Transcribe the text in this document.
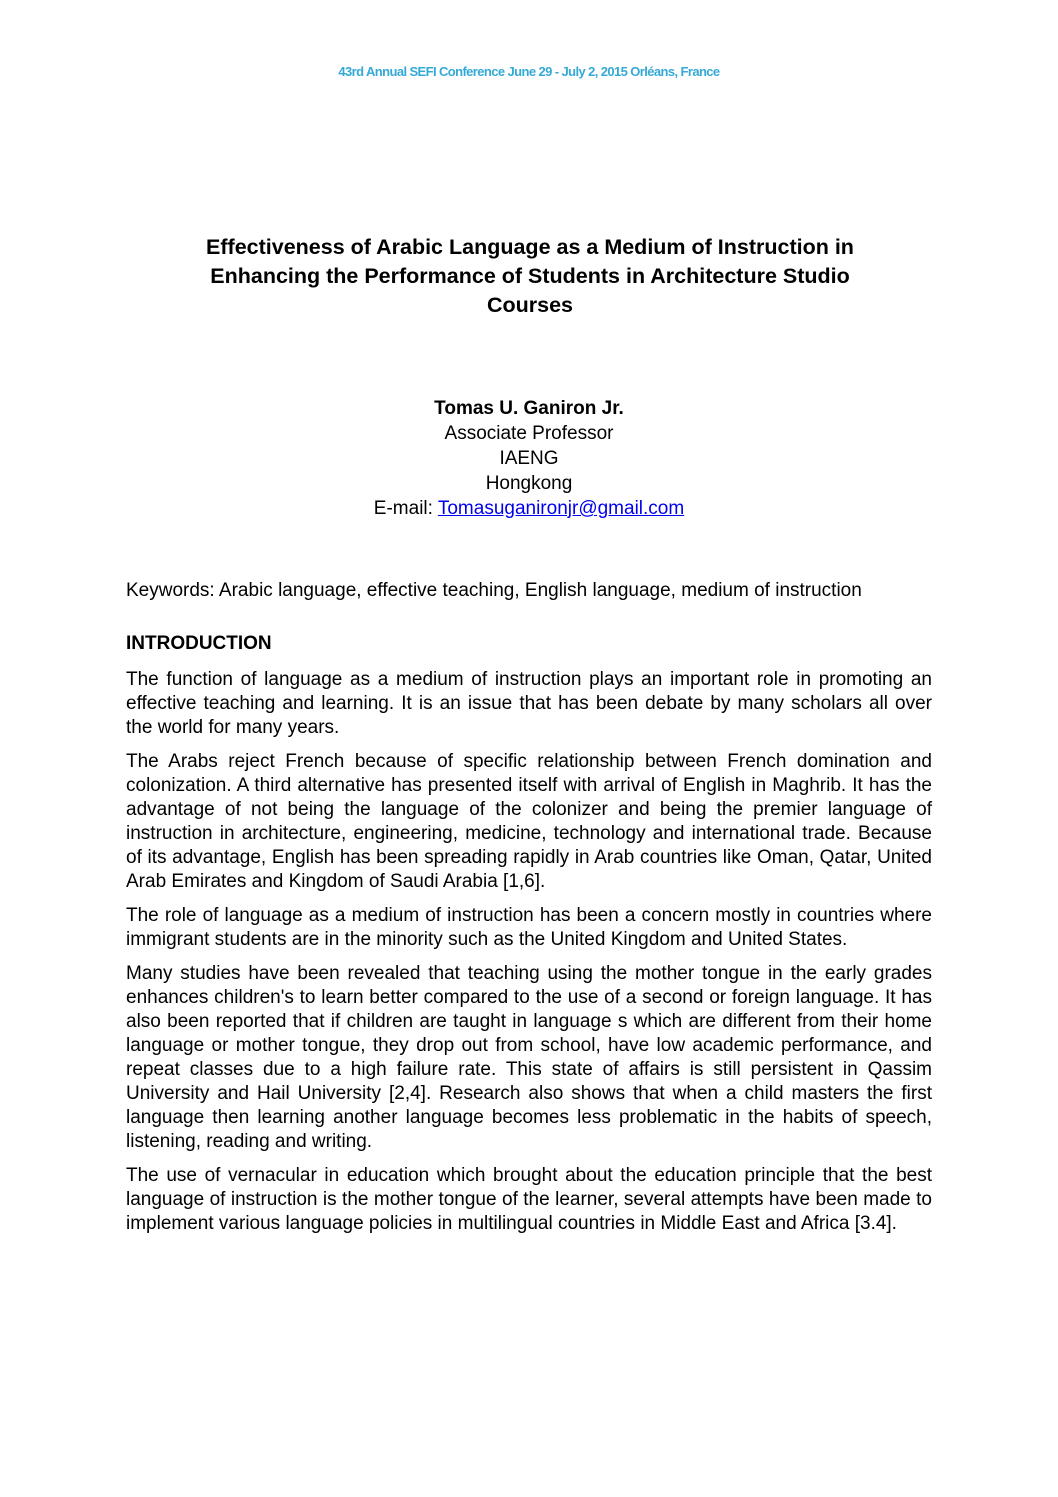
43rd Annual SEFI Conference June 29 - July 2, 2015 Orléans, France
Effectiveness of Arabic Language as a Medium of Instruction in
Enhancing the Performance of Students in Architecture Studio
Courses
Tomas U. Ganiron Jr.
Associate Professor
IAENG
Hongkong
E-mail: Tomasuganironjr@gmail.com

Keywords: Arabic language, effective teaching, English language, medium of instruction

INTRODUCTION

The function of language as a medium of instruction plays an important role in promoting an effective teaching and learning. It is an issue that has been debate by many scholars all over the world for many years.

The Arabs reject French because of specific relationship between French domination and colonization. A third alternative has presented itself with arrival of English in Maghrib. It has the advantage of not being the language of the colonizer and being the premier language of instruction in architecture, engineering, medicine, technology and international trade. Because of its advantage, English has been spreading rapidly in Arab countries like Oman, Qatar, United Arab Emirates and Kingdom of Saudi Arabia [1,6].

The role of language as a medium of instruction has been a concern mostly in countries where immigrant students are in the minority such as the United Kingdom and United States.

Many studies have been revealed that teaching using the mother tongue in the early grades enhances children's to learn better compared to the use of a second or foreign language. It has also been reported that if children are taught in language s which are different from their home language or mother tongue, they drop out from school, have low academic performance, and repeat classes due to a high failure rate. This state of affairs is still persistent in Qassim University and Hail University [2,4]. Research also shows that when a child masters the first language then learning another language becomes less problematic in the habits of speech, listening, reading and writing.

The use of vernacular in education which brought about the education principle that the best language of instruction is the mother tongue of the learner, several attempts have been made to implement various language policies in multilingual countries in Middle East and Africa [3.4].
